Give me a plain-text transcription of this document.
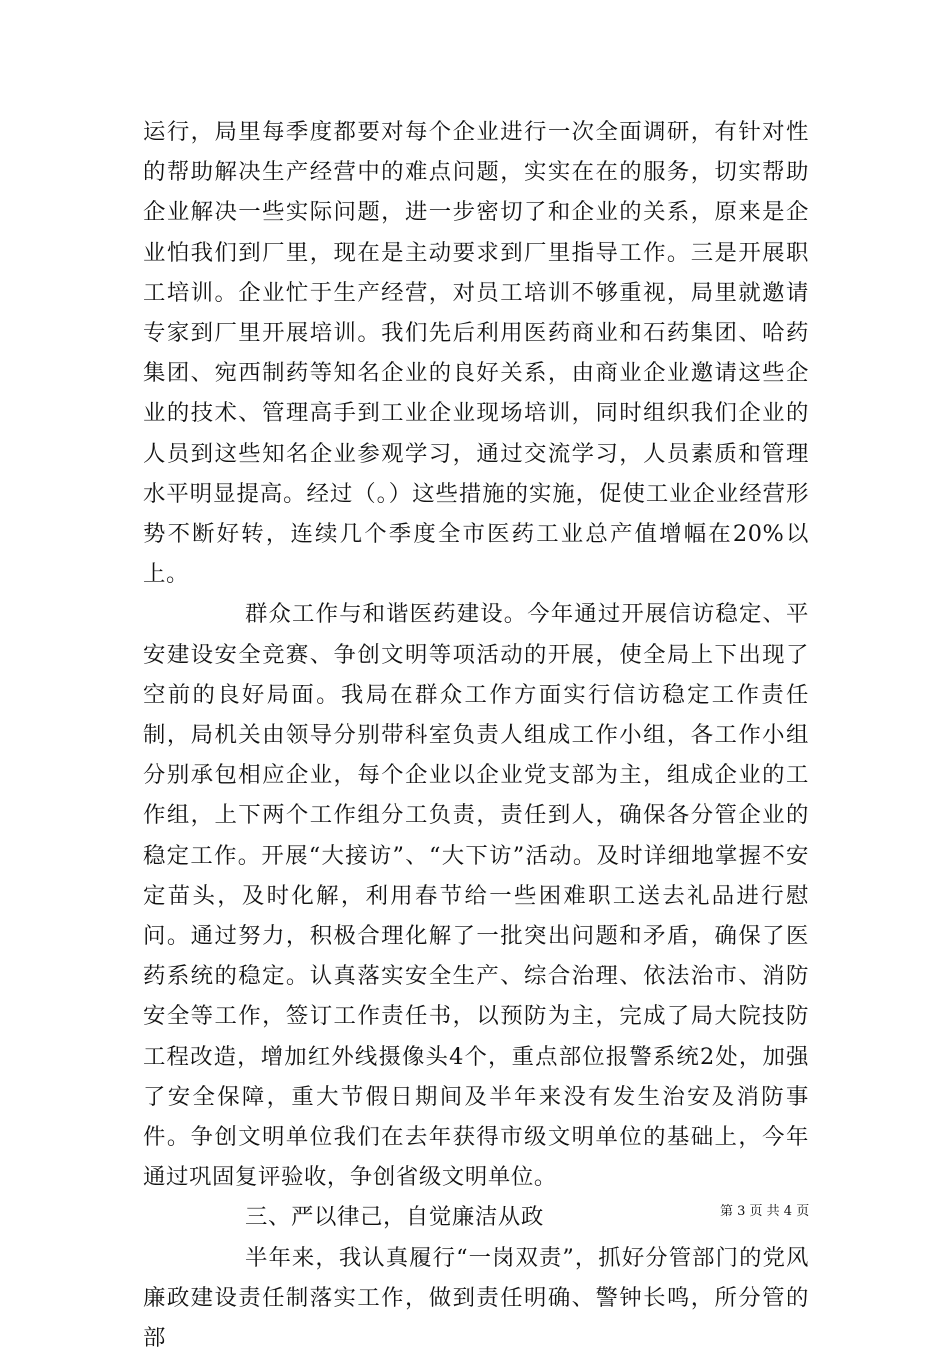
运行，局里每季度都要对每个企业进行一次全面调研，有针对性的帮助解决生产经营中的难点问题，实实在在的服务，切实帮助企业解决一些实际问题，进一步密切了和企业的关系，原来是企业怕我们到厂里，现在是主动要求到厂里指导工作。三是开展职工培训。企业忙于生产经营，对员工培训不够重视，局里就邀请专家到厂里开展培训。我们先后利用医药商业和石药集团、哈药集团、宛西制药等知名企业的良好关系，由商业企业邀请这些企业的技术、管理高手到工业企业现场培训，同时组织我们企业的人员到这些知名企业参观学习，通过交流学习，人员素质和管理水平明显提高。经过（。）这些措施的实施，促使工业企业经营形势不断好转，连续几个季度全市医药工业总产值增幅在20%以上。

群众工作与和谐医药建设。今年通过开展信访稳定、平安建设安全竞赛、争创文明等项活动的开展，使全局上下出现了空前的良好局面。我局在群众工作方面实行信访稳定工作责任制，局机关由领导分别带科室负责人组成工作小组，各工作小组分别承包相应企业，每个企业以企业党支部为主，组成企业的工作组，上下两个工作组分工负责，责任到人，确保各分管企业的稳定工作。开展“大接访”、“大下访”活动。及时详细地掌握不安定苗头，及时化解，利用春节给一些困难职工送去礼品进行慰问。通过努力，积极合理化解了一批突出问题和矛盾，确保了医药系统的稳定。认真落实安全生产、综合治理、依法治市、消防安全等工作，签订工作责任书，以预防为主，完成了局大院技防工程改造，增加红外线摄像头4个，重点部位报警系统2处，加强了安全保障，重大节假日期间及半年来没有发生治安及消防事件。争创文明单位我们在去年获得市级文明单位的基础上，今年通过巩固复评验收，争创省级文明单位。

三、严以律己，自觉廉洁从政

半年来，我认真履行“一岗双责”，抓好分管部门的党风廉政建设责任制落实工作，做到责任明确、警钟长鸣，所分管的部

第 3 页 共 4 页
